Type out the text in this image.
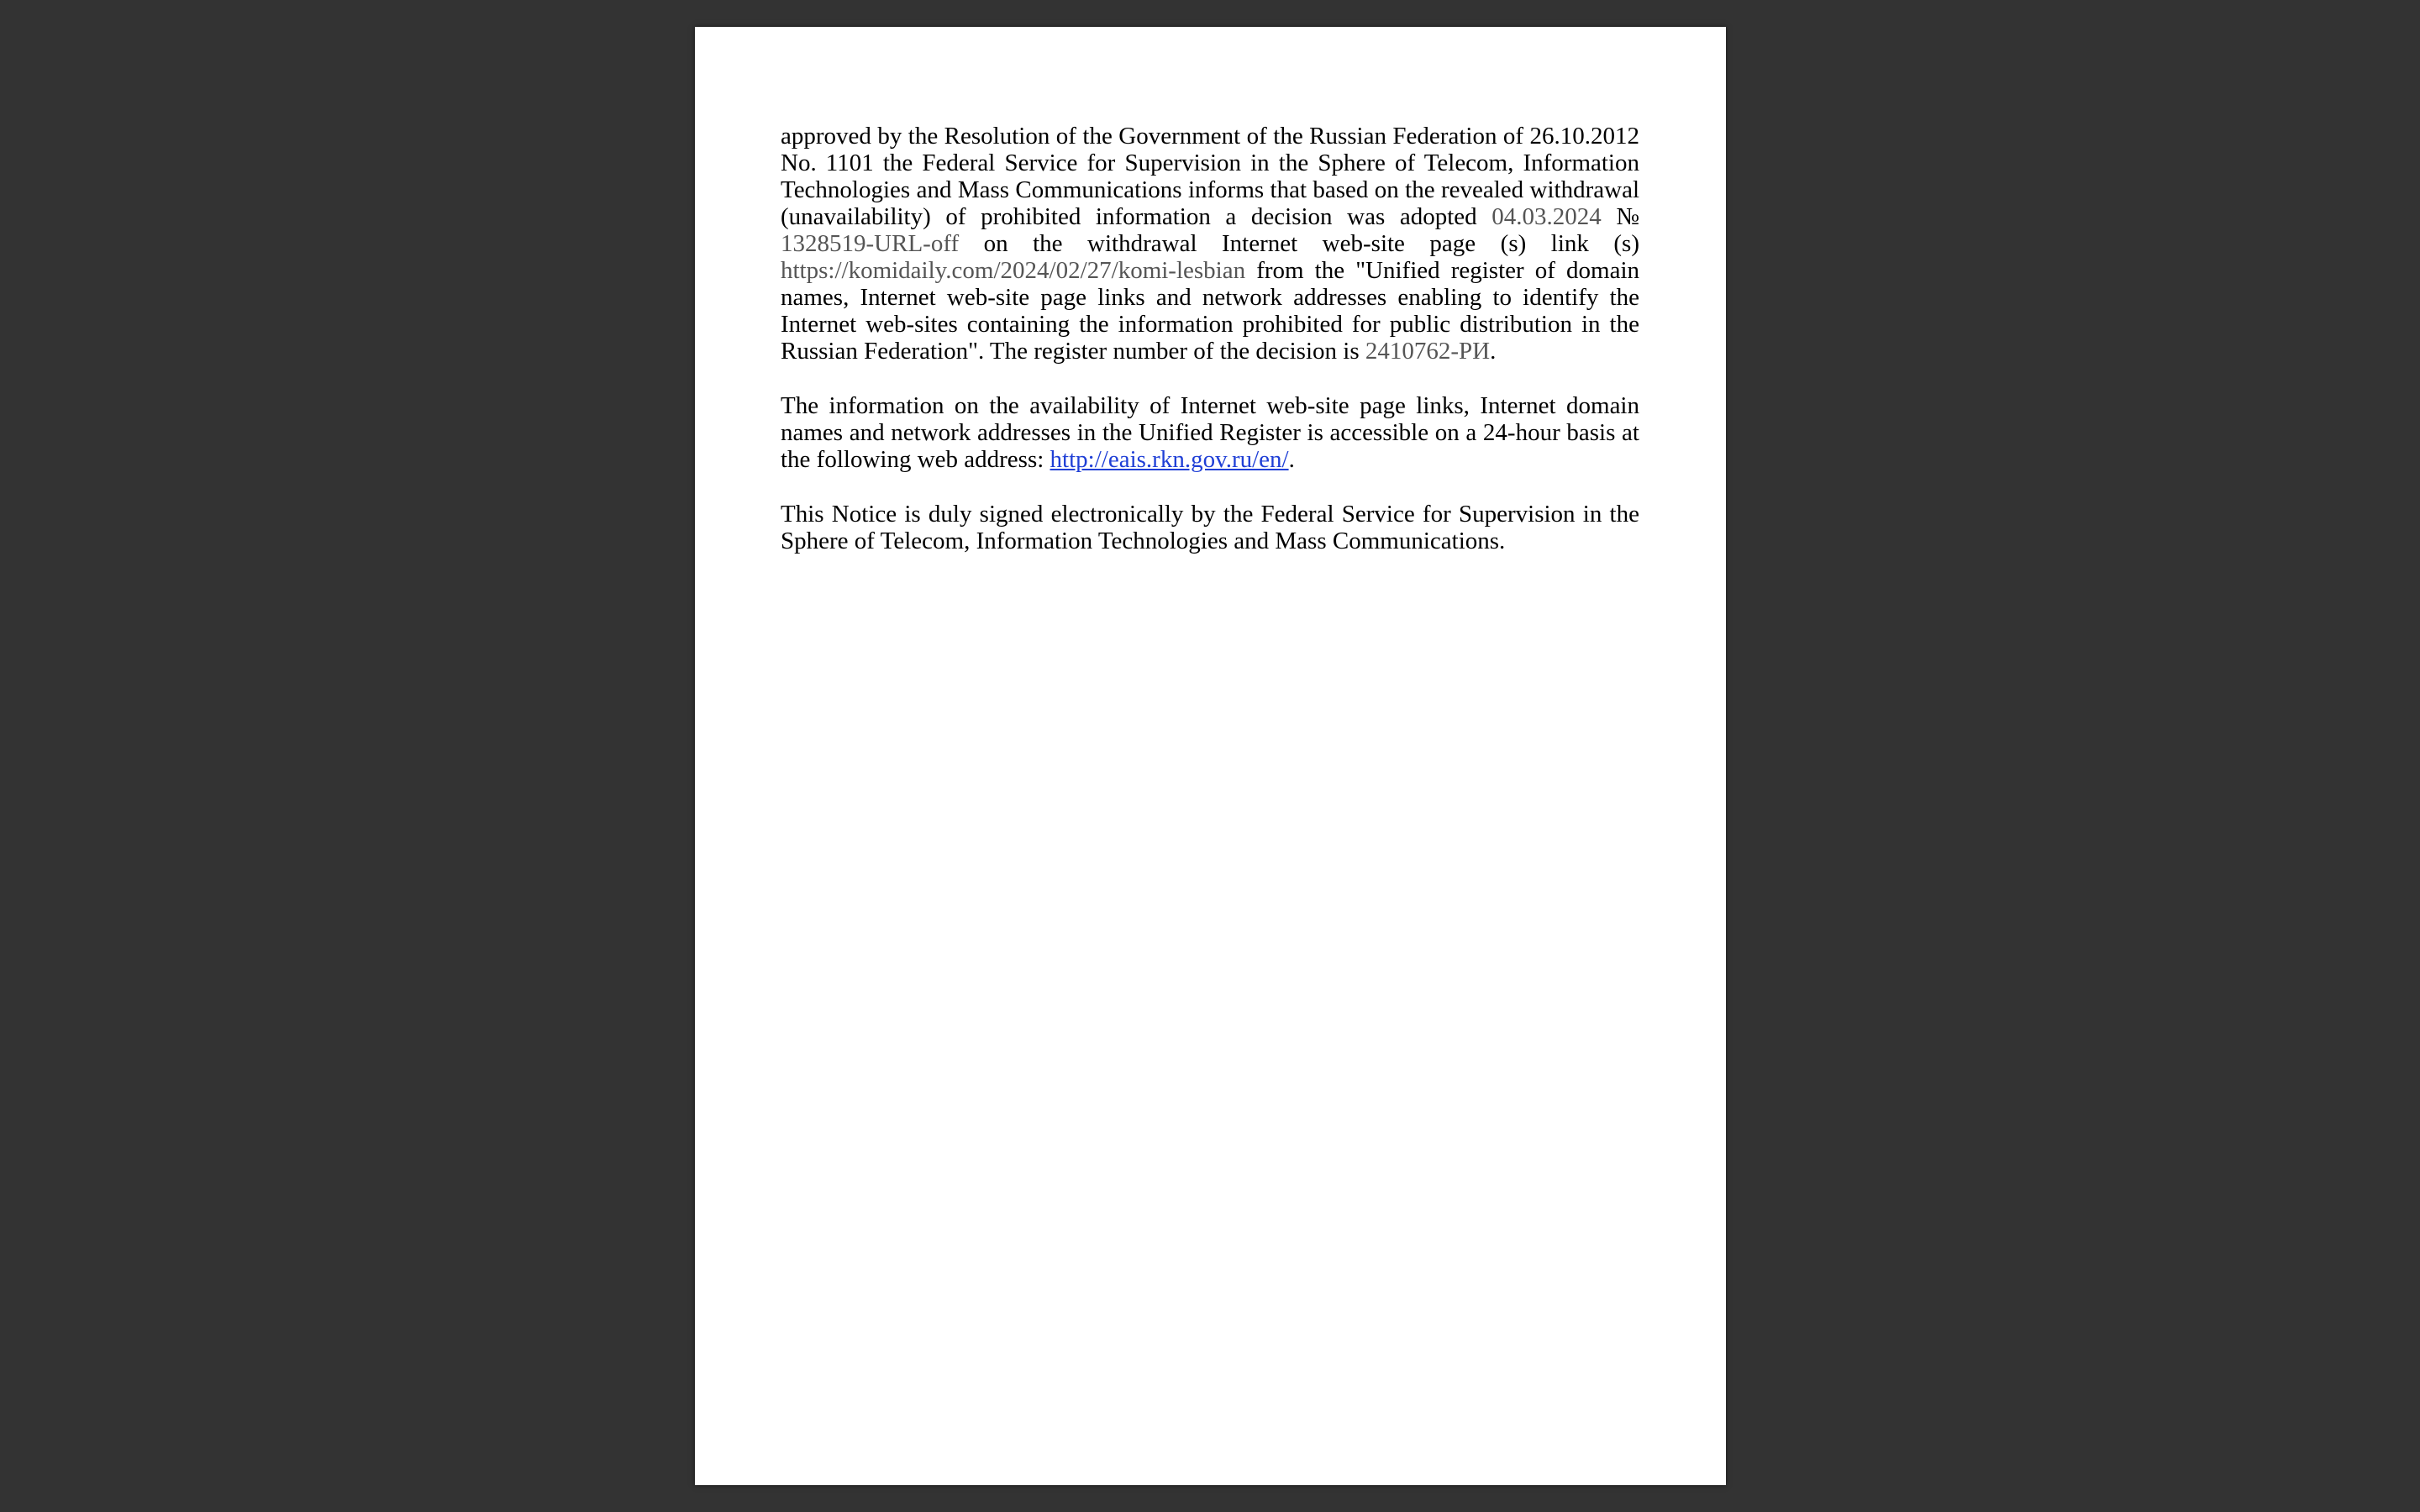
approved by the Resolution of the Government of the Russian Federation of 26.10.2012 No. 1101 the Federal Service for Supervision in the Sphere of Telecom, Information Technologies and Mass Communications informs that based on the revealed withdrawal (unavailability) of prohibited information a decision was adopted 04.03.2024 № 1328519-URL-off on the withdrawal Internet web-site page (s) link (s) https://komidaily.com/2024/02/27/komi-lesbian from the "Unified register of domain names, Internet web-site page links and network addresses enabling to identify the Internet web-sites containing the information prohibited for public distribution in the Russian Federation". The register number of the decision is 2410762-РИ.

The information on the availability of Internet web-site page links, Internet domain names and network addresses in the Unified Register is accessible on a 24-hour basis at the following web address: http://eais.rkn.gov.ru/en/.

This Notice is duly signed electronically by the Federal Service for Supervision in the Sphere of Telecom, Information Technologies and Mass Communications.
